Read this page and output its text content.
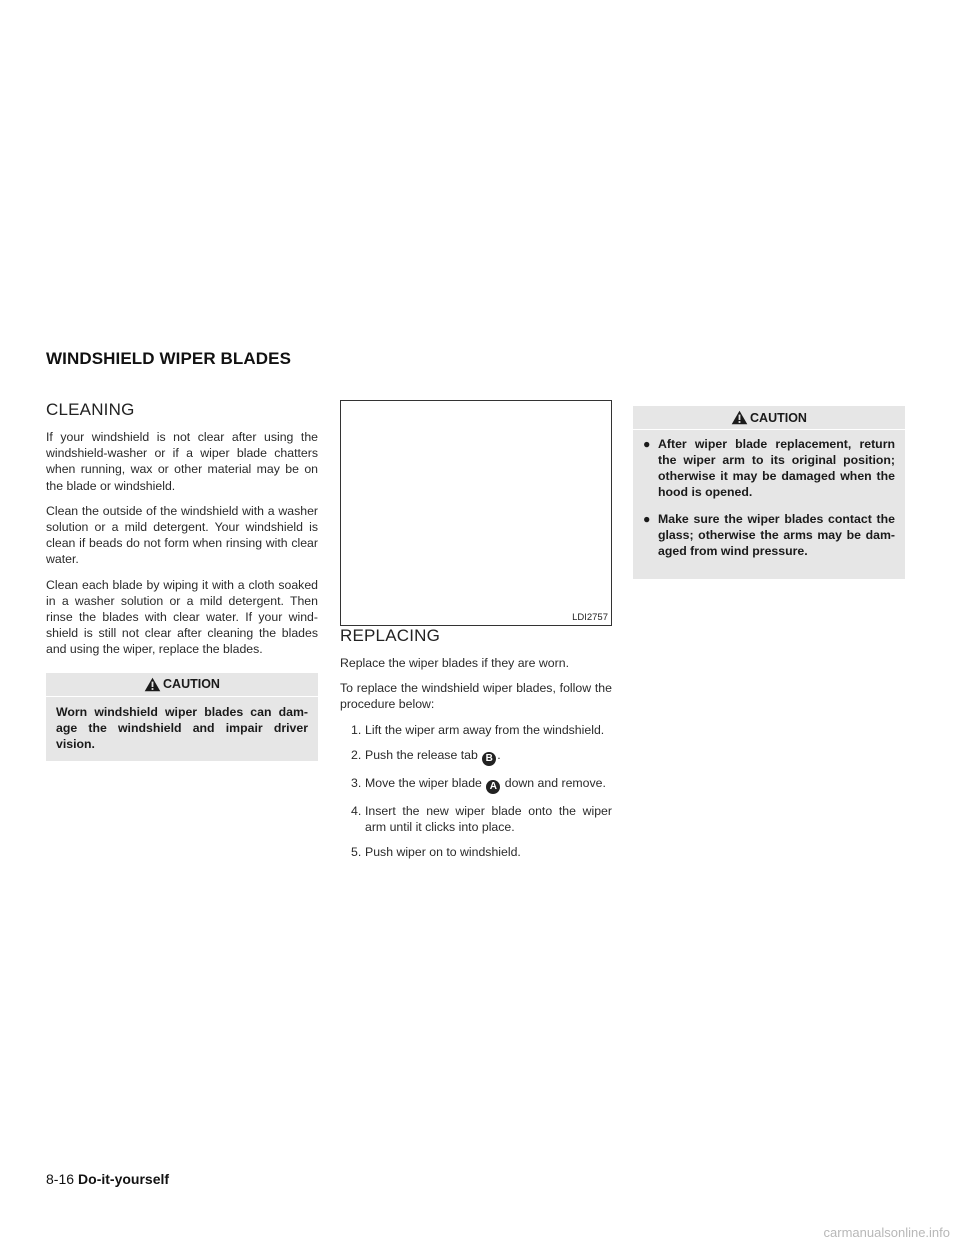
WINDSHIELD WIPER BLADES
CLEANING

If your windshield is not clear after using the windshield-washer or if a wiper blade chatters when running, wax or other material may be on the blade or windshield.

Clean the outside of the windshield with a washer solution or a mild detergent. Your windshield is clean if beads do not form when rinsing with clear water.

Clean each blade by wiping it with a cloth soaked in a washer solution or a mild detergent. Then rinse the blades with clear water. If your wind-shield is still not clear after cleaning the blades and using the wiper, replace the blades.

CAUTION
Worn windshield wiper blades can dam-age the windshield and impair driver vision.
LDI2757
REPLACING

Replace the wiper blades if they are worn.

To replace the windshield wiper blades, follow the procedure below:

1. Lift the wiper arm away from the windshield.
2. Push the release tab B .
3. Move the wiper blade A down and remove.
4. Insert the new wiper blade onto the wiper arm until it clicks into place.
5. Push wiper on to windshield.
CAUTION
● After wiper blade replacement, return the wiper arm to its original position; otherwise it may be damaged when the hood is opened.
● Make sure the wiper blades contact the glass; otherwise the arms may be dam-aged from wind pressure.
8-16 Do-it-yourself
carmanualsonline.info
